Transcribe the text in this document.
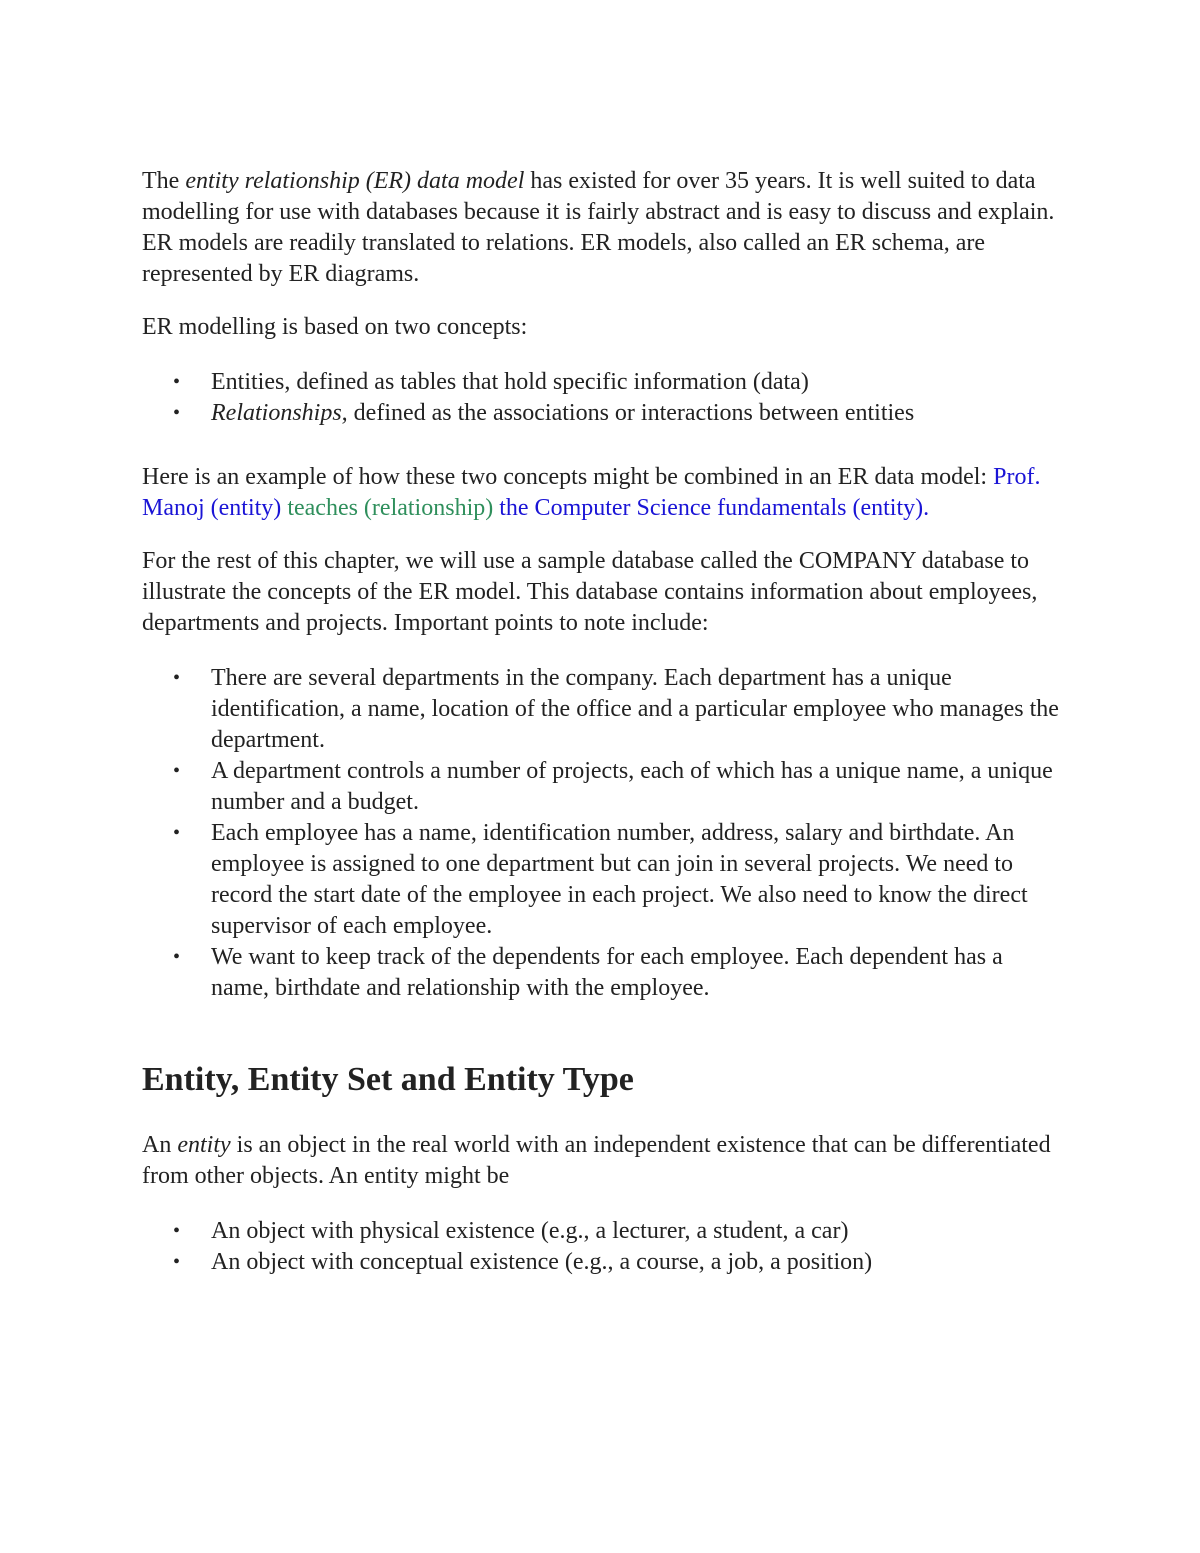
The entity relationship (ER) data model has existed for over 35 years. It is well suited to data modelling for use with databases because it is fairly abstract and is easy to discuss and explain. ER models are readily translated to relations. ER models, also called an ER schema, are represented by ER diagrams.

ER modelling is based on two concepts:

• Entities, defined as tables that hold specific information (data)
• Relationships, defined as the associations or interactions between entities

Here is an example of how these two concepts might be combined in an ER data model: Prof. Manoj (entity) teaches (relationship) the Computer Science fundamentals (entity).

For the rest of this chapter, we will use a sample database called the COMPANY database to illustrate the concepts of the ER model. This database contains information about employees, departments and projects. Important points to note include:

• There are several departments in the company. Each department has a unique identification, a name, location of the office and a particular employee who manages the department.
• A department controls a number of projects, each of which has a unique name, a unique number and a budget.
• Each employee has a name, identification number, address, salary and birthdate. An employee is assigned to one department but can join in several projects. We need to record the start date of the employee in each project. We also need to know the direct supervisor of each employee.
• We want to keep track of the dependents for each employee. Each dependent has a name, birthdate and relationship with the employee.
Entity, Entity Set and Entity Type

An entity is an object in the real world with an independent existence that can be differentiated from other objects. An entity might be

• An object with physical existence (e.g., a lecturer, a student, a car)
• An object with conceptual existence (e.g., a course, a job, a position)
